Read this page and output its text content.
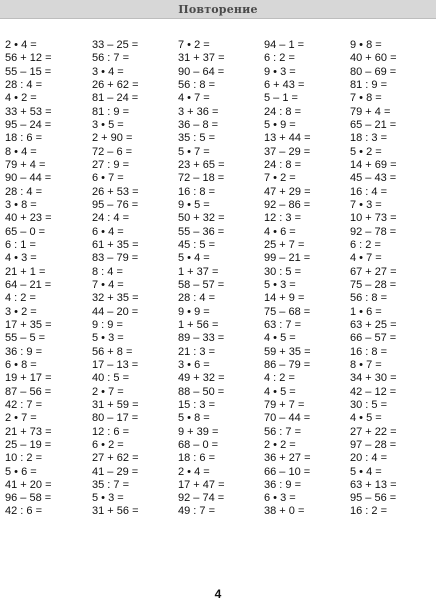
Повторение
2 • 4 =	33 – 25 =	7 • 2 =	94 – 1 =	9 • 8 =
56 + 12 =	56 : 7 =	31 + 37 =	6 : 2 =	40 + 60 =
55 – 15 =	3 • 4 =	90 – 64 =	9 • 3 =	80 – 69 =
28 : 4 =	26 + 62 =	56 : 8 =	6 + 43 =	81 : 9 =
4 • 2 =	81 – 24 =	4 • 7 =	5 – 1 =	7 • 8 =
33 + 53 =	81 : 9 =	3 + 36 =	24 : 8 =	79 + 4 =
95 – 24 =	3 • 5 =	36 – 8 =	5 • 9 =	65 – 21 =
18 : 6 =	2 + 90 =	35 : 5 =	13 + 44 =	18 : 3 =
8 • 4 =	72 – 6 =	5 • 7 =	37 – 29 =	5 • 2 =
79 + 4 =	27 : 9 =	23 + 65 =	24 : 8 =	14 + 69 =
90 – 44 =	6 • 7 =	72 – 18 =	7 • 2 =	45 – 43 =
28 : 4 =	26 + 53 =	16 : 8 =	47 + 29 =	16 : 4 =
3 • 8 =	95 – 76 =	9 • 5 =	92 – 86 =	7 • 3 =
40 + 23 =	24 : 4 =	50 + 32 =	12 : 3 =	10 + 73 =
65 – 0 =	6 • 4 =	55 – 36 =	4 • 6 =	92 – 78 =
6 : 1 =	61 + 35 =	45 : 5 =	25 + 7 =	6 : 2 =
4 • 3 =	83 – 79 =	5 • 4 =	99 – 21 =	4 • 7 =
21 + 1 =	8 : 4 =	1 + 37 =	30 : 5 =	67 + 27 =
64 – 21 =	7 • 4 =	58 – 57 =	5 • 3 =	75 – 28 =
4 : 2 =	32 + 35 =	28 : 4 =	14 + 9 =	56 : 8 =
3 • 2 =	44 – 20 =	9 • 9 =	75 – 68 =	1 • 6 =
17 + 35 =	9 : 9 =	1 + 56 =	63 : 7 =	63 + 25 =
55 – 5 =	5 • 3 =	89 – 33 =	4 • 5 =	66 – 57 =
36 : 9 =	56 + 8 =	21 : 3 =	59 + 35 =	16 : 8 =
6 • 8 =	17 – 13 =	3 • 6 =	86 – 79 =	8 • 7 =
19 + 17 =	40 : 5 =	49 + 32 =	4 : 2 =	34 + 30 =
87 – 56 =	2 • 7 =	88 – 50 =	4 • 5 =	42 – 12 =
42 : 7 =	31 + 59 =	15 : 3 =	79 + 7 =	30 : 5 =
2 • 7 =	80 – 17 =	5 • 8 =	70 – 44 =	4 • 5 =
21 + 73 =	12 : 6 =	9 + 39 =	56 : 7 =	27 + 22 =
25 – 19 =	6 • 2 =	68 – 0 =	2 • 2 =	97 – 28 =
10 : 2 =	27 + 62 =	18 : 6 =	36 + 27 =	20 : 4 =
5 • 6 =	41 – 29 =	2 • 4 =	66 – 10 =	5 • 4 =
41 + 20 =	35 : 7 =	17 + 47 =	36 : 9 =	63 + 13 =
96 – 58 =	5 • 3 =	92 – 74 =	6 • 3 =	95 – 56 =
42 : 6 =	31 + 56 =	49 : 7 =	38 + 0 =	16 : 2 =
4
